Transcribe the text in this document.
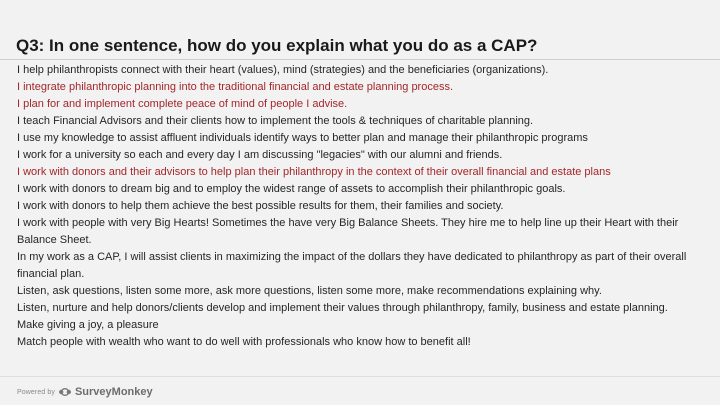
Q3: In one sentence, how do you explain what you do as a CAP?
I help philanthropists connect with their heart (values), mind (strategies) and the beneficiaries (organizations).
I integrate philanthropic planning into the traditional financial and estate planning process.
I plan for and implement complete peace of mind of people I advise.
I teach Financial Advisors and their clients how to implement the tools & techniques of charitable planning.
I use my knowledge to assist affluent individuals identify ways to better plan and manage their philanthropic programs
I work for a university so each and every day I am discussing "legacies" with our alumni and friends.
I work with donors and their advisors to help plan their philanthropy in the context of their overall financial and estate plans
I work with donors to dream big and to employ the widest range of assets to accomplish their philanthropic goals.
I work with donors to help them achieve the best possible results for them, their families and society.
I work with people with very Big Hearts! Sometimes the have very Big Balance Sheets. They hire me to help line up their Heart with their Balance Sheet.
In my work as a CAP, I will assist clients in maximizing the impact of the dollars they have dedicated to philanthropy as part of their overall financial plan.
Listen, ask questions, listen some more, ask more questions, listen some more, make recommendations explaining why.
Listen, nurture and help donors/clients develop and implement their values through philanthropy, family, business and estate planning.
Make giving a joy, a pleasure
Match people with wealth who want to do well with professionals who know how to benefit all!
Powered by SurveyMonkey
